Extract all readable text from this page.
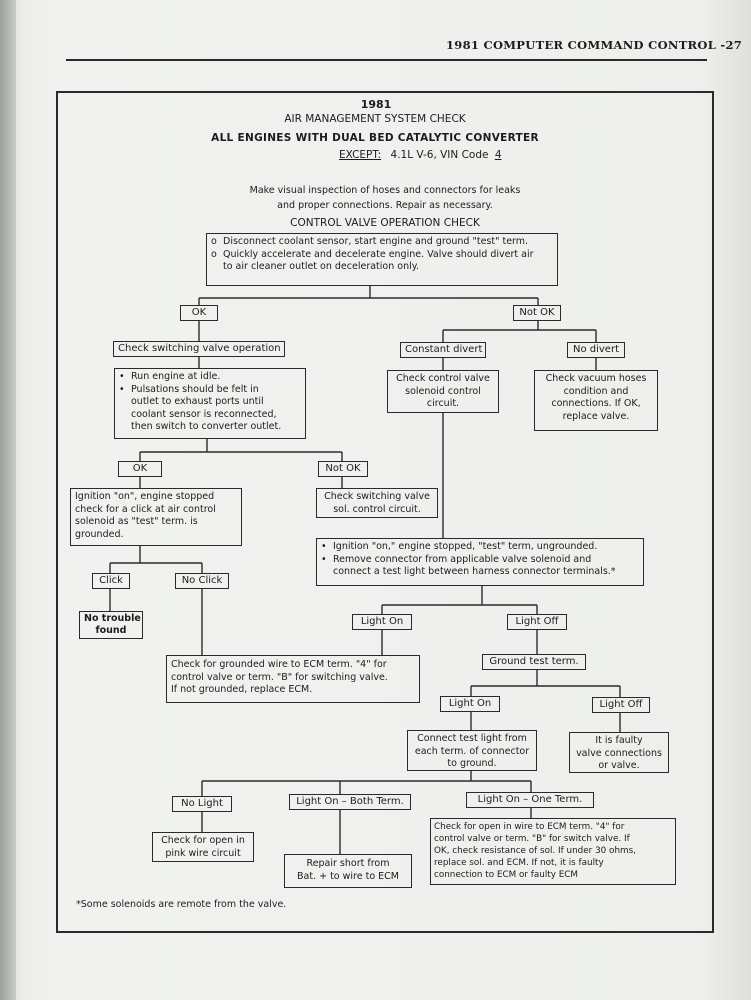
1981 COMPUTER COMMAND CONTROL -27
1981
AIR MANAGEMENT SYSTEM CHECK
ALL ENGINES WITH DUAL BED CATALYTIC CONVERTER
EXCEPT: 4.1L V-6, VIN Code 4
Make visual inspection of hoses and connectors for leaks
and proper connections. Repair as necessary.
CONTROL VALVE OPERATION CHECK
o Disconnect coolant sensor, start engine and ground "test" term.
o Quickly accelerate and decelerate engine. Valve should divert air
to air cleaner outlet on deceleration only.
OK	Not OK
Check switching valve operation	Constant divert	No divert
• Run engine at idle.
• Pulsations should be felt in
outlet to exhaust ports until
coolant sensor is reconnected,
then switch to converter outlet.
Check control valve
solenoid control
circuit.
Check vacuum hoses
condition and
connections. If OK,
replace valve.
OK	Not OK
Ignition "on", engine stopped
check for a click at air control
solenoid as "test" term. is
grounded.
Check switching valve
sol. control circuit.
• Ignition "on," engine stopped, "test" term, ungrounded.
• Remove connector from applicable valve solenoid and
connect a test light between harness connector terminals.*
Click	No Click
No trouble
found
Light On	Light Off
Check for grounded wire to ECM term. "4" for
control valve or term. "B" for switching valve.
If not grounded, replace ECM.
Ground test term.
Light On	Light Off
Connect test light from
each term. of connector
to ground.
It is faulty
valve connections
or valve.
No Light	Light On – Both Term.	Light On – One Term.
Check for open in
pink wire circuit
Repair short from
Bat. + to wire to ECM
Check for open in wire to ECM term. "4" for
control valve or term. "B" for switch valve. If
OK, check resistance of sol. If under 30 ohms,
replace sol. and ECM. If not, it is faulty
connection to ECM or faulty ECM
*Some solenoids are remote from the valve.
